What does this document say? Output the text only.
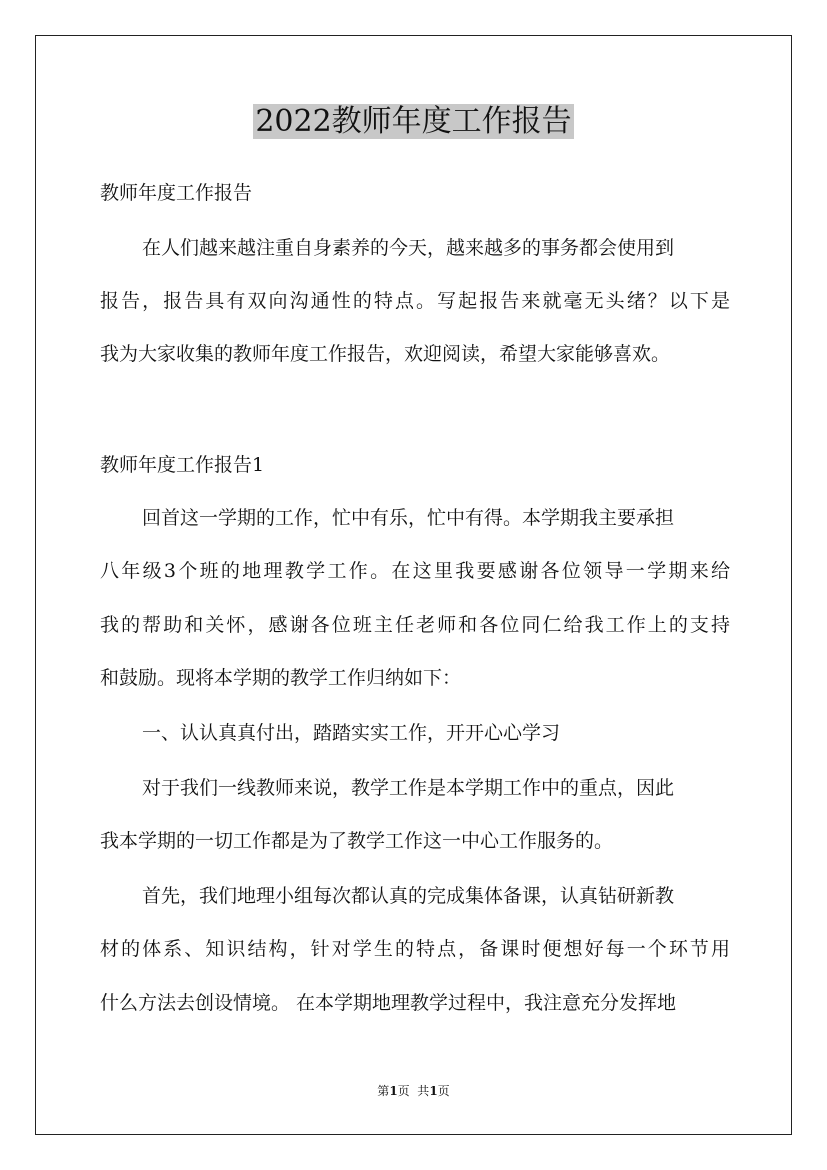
2022教师年度工作报告
教师年度工作报告
在人们越来越注重自身素养的今天，越来越多的事务都会使用到
报告，报告具有双向沟通性的特点。写起报告来就毫无头绪？以下是
我为大家收集的教师年度工作报告，欢迎阅读，希望大家能够喜欢。
教师年度工作报告1
回首这一学期的工作，忙中有乐，忙中有得。本学期我主要承担
八年级3个班的地理教学工作。在这里我要感谢各位领导一学期来给
我的帮助和关怀，感谢各位班主任老师和各位同仁给我工作上的支持
和鼓励。现将本学期的教学工作归纳如下：
一、认认真真付出，踏踏实实工作，开开心心学习
对于我们一线教师来说，教学工作是本学期工作中的重点，因此
我本学期的一切工作都是为了教学工作这一中心工作服务的。
首先，我们地理小组每次都认真的完成集体备课，认真钻研新教
材的体系、知识结构，针对学生的特点，备课时便想好每一个环节用
什么方法去创设情境。 在本学期地理教学过程中，我注意充分发挥地
第1页  共1页
